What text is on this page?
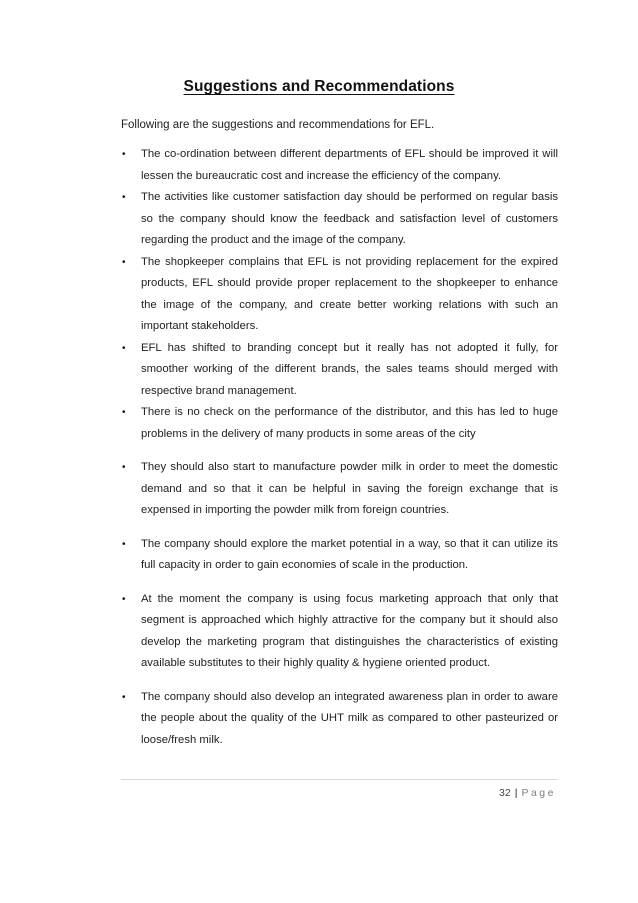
Suggestions and Recommendations
Following are the suggestions and recommendations for EFL.
• The co-ordination between different departments of EFL should be improved it will lessen the bureaucratic cost and increase the efficiency of the company.
• The activities like customer satisfaction day should be performed on regular basis so the company should know the feedback and satisfaction level of customers regarding the product and the image of the company.
• The shopkeeper complains that EFL is not providing replacement for the expired products, EFL should provide proper replacement to the shopkeeper to enhance the image of the company, and create better working relations with such an important stakeholders.
• EFL has shifted to branding concept but it really has not adopted it fully, for smoother working of the different brands, the sales teams should merged with respective brand management.
• There is no check on the performance of the distributor, and this has led to huge problems in the delivery of many products in some areas of the city
• They should also start to manufacture powder milk in order to meet the domestic demand and so that it can be helpful in saving the foreign exchange that is expensed in importing the powder milk from foreign countries.
• The company should explore the market potential in a way, so that it can utilize its full capacity in order to gain economies of scale in the production.
• At the moment the company is using focus marketing approach that only that segment is approached which highly attractive for the company but it should also develop the marketing program that distinguishes the characteristics of existing available substitutes to their highly quality & hygiene oriented product.
• The company should also develop an integrated awareness plan in order to aware the people about the quality of the UHT milk as compared to other pasteurized or loose/fresh milk.
32 | Page
